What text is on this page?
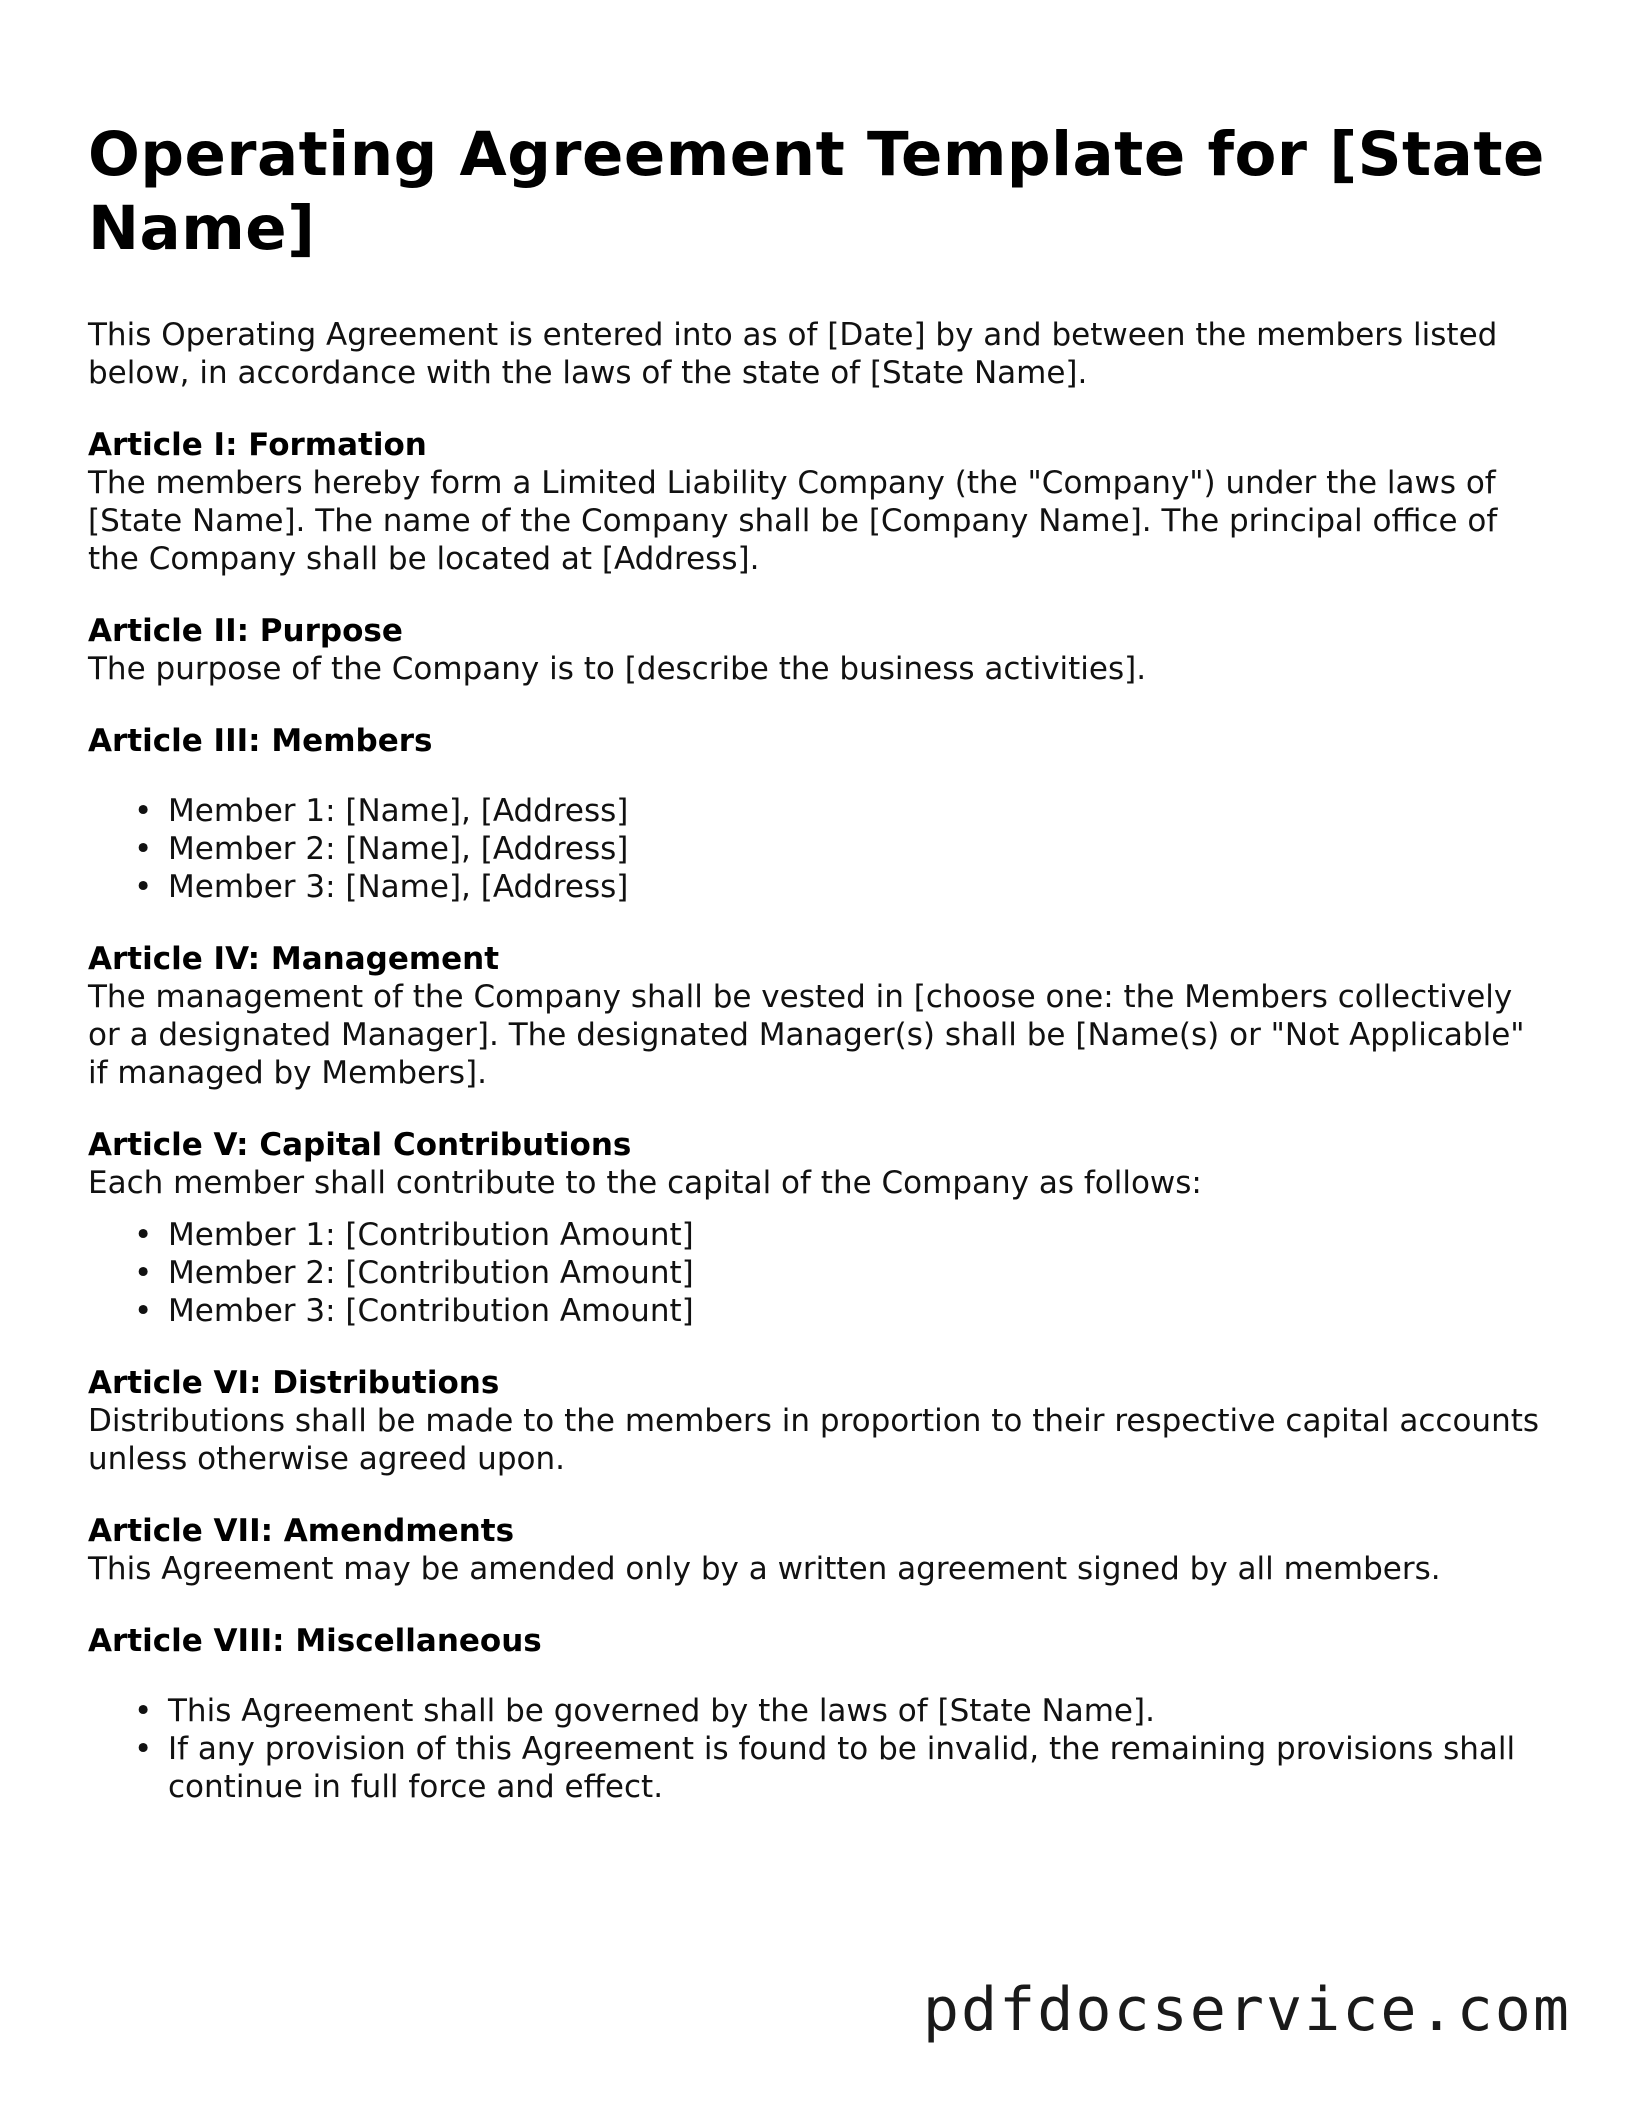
Operating Agreement Template for [State Name]

This Operating Agreement is entered into as of [Date] by and between the members listed below, in accordance with the laws of the state of [State Name].

Article I: Formation

The members hereby form a Limited Liability Company (the "Company") under the laws of [State Name]. The name of the Company shall be [Company Name]. The principal office of the Company shall be located at [Address].

Article II: Purpose

The purpose of the Company is to [describe the business activities].

Article III: Members
• Member 1: [Name], [Address]
• Member 2: [Name], [Address]
• Member 3: [Name], [Address]
Article IV: Management

The management of the Company shall be vested in [choose one: the Members collectively or a designated Manager]. The designated Manager(s) shall be [Name(s) or "Not Applicable" if managed by Members].

Article V: Capital Contributions

Each member shall contribute to the capital of the Company as follows:

• Member 1: [Contribution Amount]
• Member 2: [Contribution Amount]
• Member 3: [Contribution Amount]
Article VI: Distributions

Distributions shall be made to the members in proportion to their respective capital accounts unless otherwise agreed upon.

Article VII: Amendments

This Agreement may be amended only by a written agreement signed by all members.

Article VIII: Miscellaneous
• This Agreement shall be governed by the laws of [State Name].
• If any provision of this Agreement is found to be invalid, the remaining provisions shall continue in full force and effect.
pdfdocservice.com
